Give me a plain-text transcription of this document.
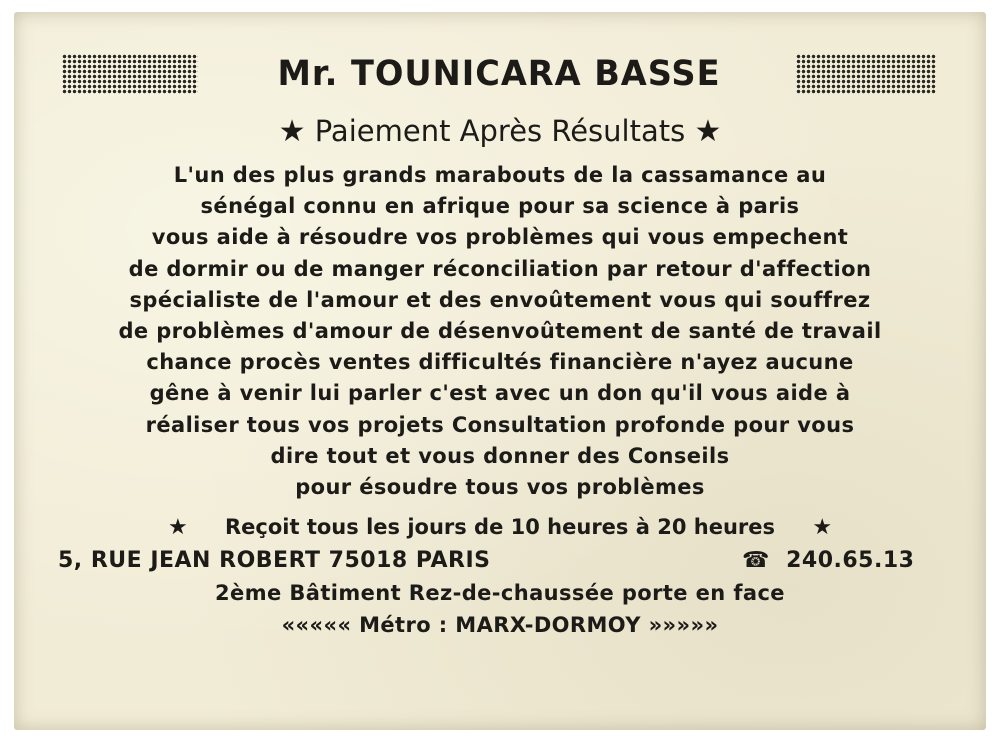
Mr. TOUNICARA BASSE
★ Paiement Après Résultats ★
L'un des plus grands marabouts de la cassamance au
sénégal connu en afrique pour sa science à paris
vous aide à résoudre vos problèmes qui vous empechent
de dormir ou de manger réconciliation par retour d'affection
spécialiste de l'amour et des envoûtement vous qui souffrez
de problèmes d'amour de désenvoûtement de santé de travail
chance procès ventes difficultés financière n'ayez aucune
gêne à venir lui parler c'est avec un don qu'il vous aide à
réaliser tous vos projets Consultation profonde pour vous
dire tout et vous donner des Conseils
pour ésoudre tous vos problèmes
★ Reçoit tous les jours de 10 heures à 20 heures ★
5, RUE JEAN ROBERT 75018 PARIS	☎ 240.65.13
2ème Bâtiment Rez-de-chaussée porte en face
««««« Métro : MARX-DORMOY »»»»»
